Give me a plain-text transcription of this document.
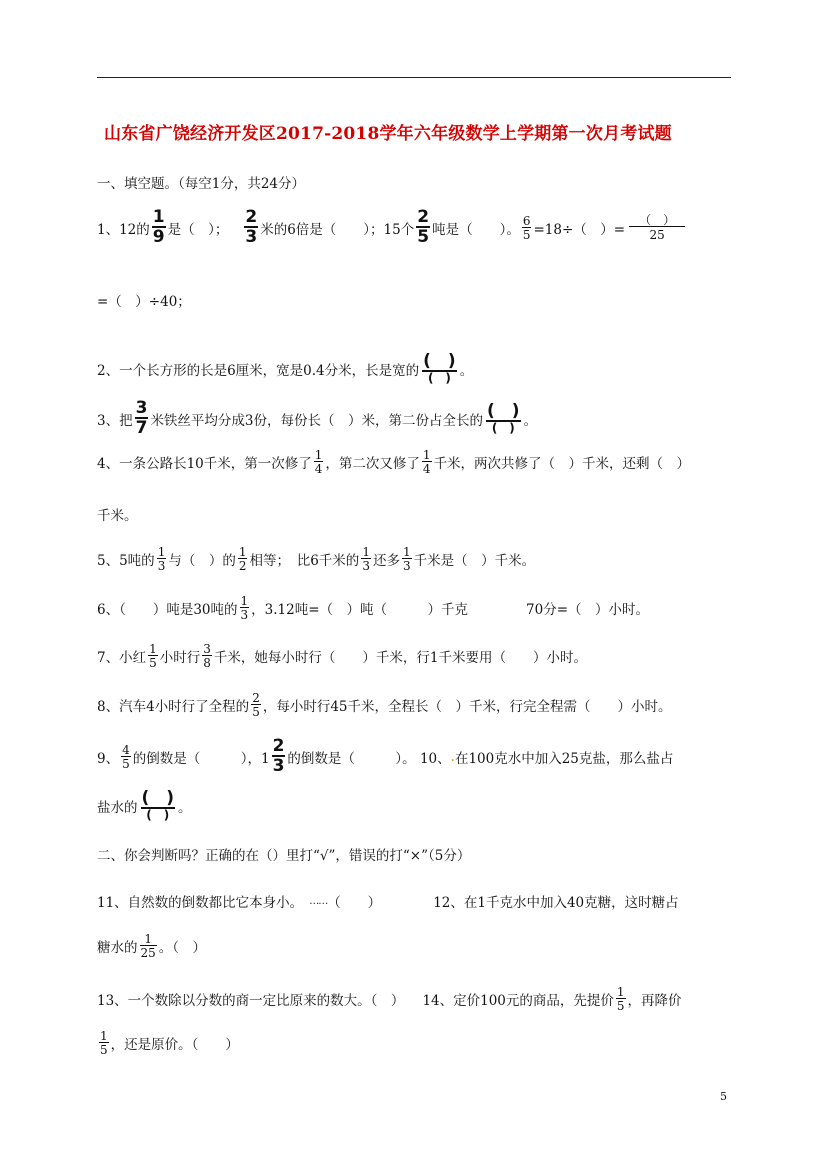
山东省广饶经济开发区2017-2018学年六年级数学上学期第一次月考试题
一、填空题。（每空1分，共24分）
1、12的 $\frac{1}{9}$ 是（　）； $\frac{2}{3}$ 米的6倍是（　　）；15个 $\frac{2}{5}$ 吨是（　　）。 $\frac{6}{5} =18\div$（　）= $\frac{( )}{25}$
=（　）÷40；
2、一个长方形的长是6厘米，宽是0.4分米，长是宽的 $\frac{( )}{( )}$ 。
3、把 $\frac{3}{7}$ 米铁丝平均分成3份，每份长（　）米，第二份占全长的 $\frac{( )}{( )}$ 。
4、一条公路长10千米，第一次修了 $\frac{1}{4}$ ，第二次又修了 $\frac{1}{4}$ 千米，两次共修了（　）千米，还剩（　）
千米。
5、5吨的 $\frac{1}{3}$ 与（　）的 $\frac{1}{2}$ 相等；　比6千米的 $\frac{1}{3}$ 还多 $\frac{1}{3}$ 千米是（　）千米。
6、（　　）吨是30吨的 $\frac{1}{3}$ ，3.12吨=（　）吨（　　　）千克	70分=（　）小时。
7、小红 $\frac{1}{5}$ 小时行 $\frac{3}{8}$ 千米，她每小时行（　　）千米，行1千米要用（　　）小时。
8、汽车4小时行了全程的 $\frac{2}{5}$ ，每小时行45千米，全程长（　）千米，行完全程需（　　）小时。
9、 $\frac{4}{5}$ 的倒数是（　　　），$1 \frac{2}{3}$ 的倒数是（　　　）。 10、 . 在100克水中加入25克盐，那么盐占
盐水的 $\frac{( )}{( )}$ 。
二、你会判断吗？正确的在（）里打“√”，错误的打“×”（5分）
11、自然数的倒数都比它本身小。 …… （　　）	12、在1千克水中加入40克糖，这时糖占
糖水的 $\frac{1}{25}$ 。（　）
13、一个数除以分数的商一定比原来的数大。（　） 14、定价100元的商品，先提价 $\frac{1}{5}$ ，再降价
$\frac{1}{5}$ ，还是原价。（　　）
5
